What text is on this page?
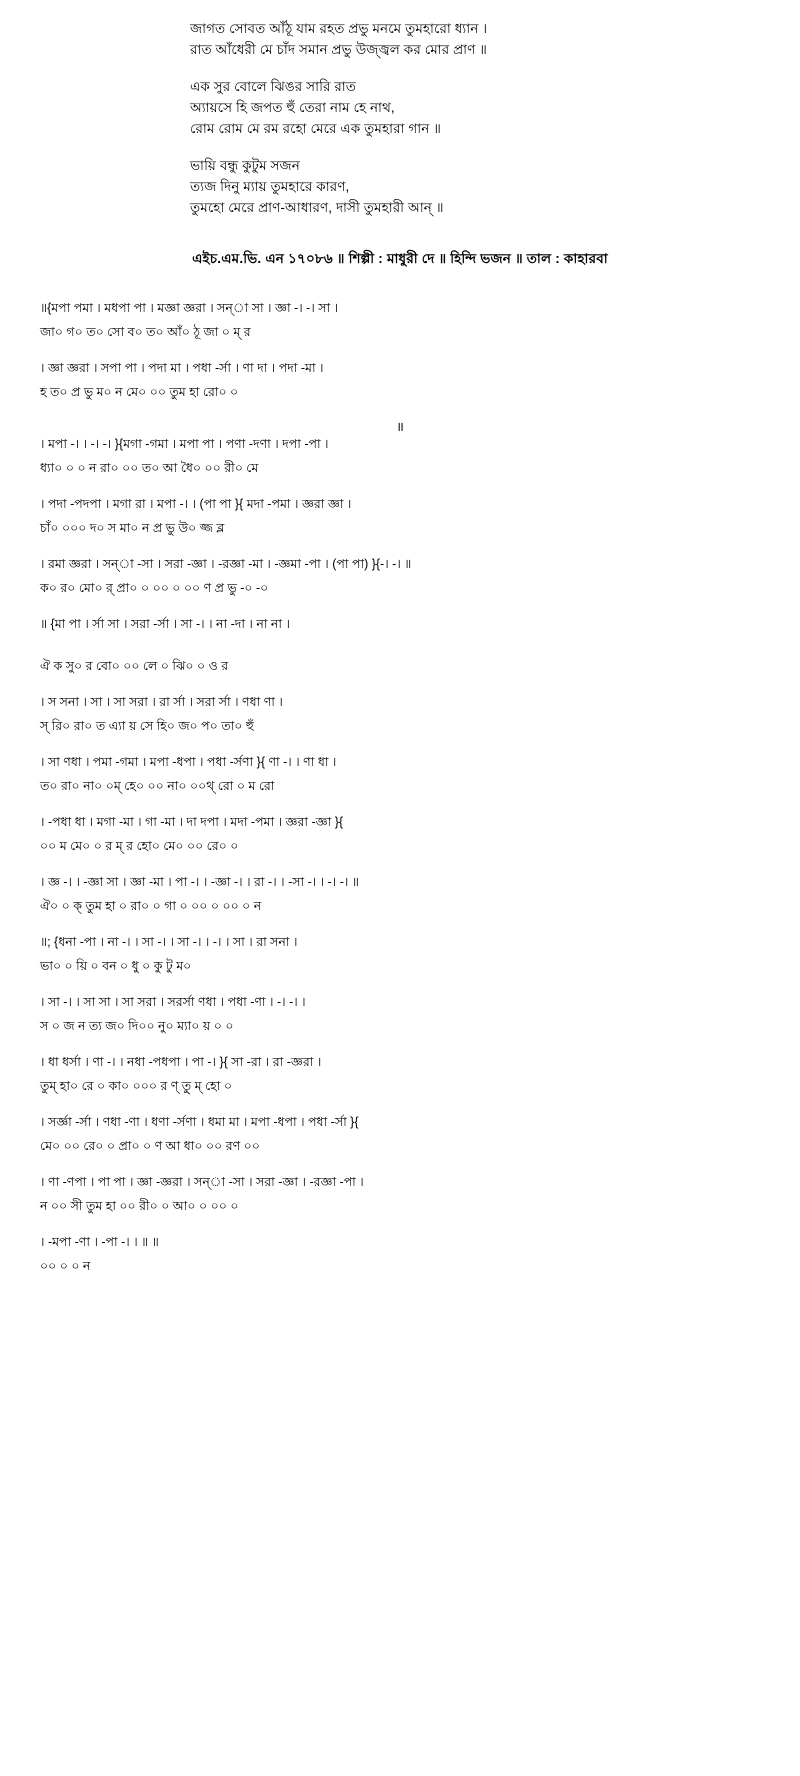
জাগত সোবত আঁঠূ যাম রহত প্রভু মনমে তুমহারো ধ্যান ।
রাত আঁধেরী মে চাঁদ সমান প্রভু উজ্জ্বল কর মোর প্রাণ ॥
এক সুর বোলে ঝিঙর সারি রাত
অ্যায়সে হি জপত হুঁ তেরা নাম হে নাথ,
রোম রোম মে রম রহো মেরে এক তুমহারা গান ॥
ভায়ি বন্ধু কুটুম সজন
ত্যজ দিনু ম্যায় তুমহারে কারণ,
তুমহো মেরে প্রাণ-আধারণ, দাসী তুমহারী আন্ ॥
এইচ.এম.ভি. এন ১৭০৮৬ ॥ শিল্পী : মাধুরী দে ॥ হিন্দি ভজন ॥ তাল : কাহারবা
॥{মপা পমা । মধপা পা । মজ্ঞা জ্ঞরা । সন্া সা । জ্ঞা -। -। সা ।
জা০ গ০ ত০ সো ব০ ত০ আঁ০ ঠূ জা ০ ম্ র
। জ্ঞা জ্ঞরা । সপা পা । পদা মা । পধা -র্সা । ণা দা । পদা -মা ।
হ ত০ প্র ভু ম০ ন মে০ ০০ তুম হা রো০ ০
॥
। মপা -। । -। -। }{মগা -গমা । মপা পা । পণা -দণা । দপা -পা ।
ধ্যা০ ০ ০ ন রা০ ০০ ত০ আ ধৈ০ ০০ রী০ মে
। পদা -পদপা । মগা রা । মপা -। । (পা পা }{ মদা -পমা । জ্ঞরা জ্ঞা ।
চাঁ০ ০০০ দ০ স মা০ ন প্র ভু উ০ জ্জ ব্ল
। রমা জ্ঞরা । সন্া -সা । সরা -জ্ঞা । -রজ্ঞা -মা । -জ্ঞমা -পা । (পা পা) }{-। -। ॥
ক০ র০ মো০ র্ প্রা০ ০ ০০ ০ ০০ ণ প্র ভু -০ -০
॥ {মা পা । র্সা সা । সরা -র্সা । সা -। । না -দা । না না ।
ঐ ক সু০ র বো০ ০০ লে ০ ঝি০ ০ ও র
। স সনা । সা । সা সরা । রা র্সা । সরা র্সা । ণধা ণা ।
স্ রি০ রা০ ত এ্যা য় সে হি০ জ০ প০ তা০ হুঁ
। সা ণধা । পমা -গমা । মপা -ধপা । পধা -র্সণা }{ ণা -। । ণা ধা ।
ত০ রা০ না০ ০ম্ হে০ ০০ না০ ০০থ্ রো ০ ম রো
। -পধা ধা । মগা -মা । গা -মা । দা দপা । মদা -পমা । জ্ঞরা -জ্ঞা }{
০০ ম মে০ ০ র ম্ র হো০ মে০ ০০ রে০ ০
। জ্ঞ -। । -জ্ঞা সা । জ্ঞা -মা । পা -। । -জ্ঞা -। । রা -। । -সা -। । -। -। ॥
ঐ০ ০ ক্ তুম হা ০ রা০ ০ গা ০ ০০ ০ ০০ ০ ন
॥; {ধনা -পা । না -। । সা -। । সা -। । -। । সা । রা সনা ।
ভা০ ০ য়ি ০ বন ০ ধু ০ কু টু ম০
। সা -। । সা সা । সা সরা । সরর্সা ণধা । পধা -ণা । -। -। ।
স ০ জ ন ত্য জ০ দি০০ নু০ ম্যা০ য় ০ ০
। ধা ধর্সা । ণা -। । নধা -পধপা । পা -। }{ সা -রা । রা -জ্ঞরা ।
তুম্ হা০ রে ০ কা০ ০০০ র ণ্ তু্ ম্ হো ০
। সর্জ্ঞা -র্সা । ণধা -ণা । ধণা -র্সণা । ধমা মা । মপা -ধপা । পধা -র্সা }{
মে০ ০০ রে০ ০ প্রা০ ০ ণ আ ধা০ ০০ রণ ০০
। ণা -ণপা । পা পা । জ্ঞা -জ্ঞরা । সন্া -সা । সরা -জ্ঞা । -রজ্ঞা -পা ।
ন ০০ সী তুম হা ০০ রী০ ০ আ০ ০ ০০ ০
। -মপা -ণা । -পা -। । ॥ ॥
০০ ০ ০ ন
